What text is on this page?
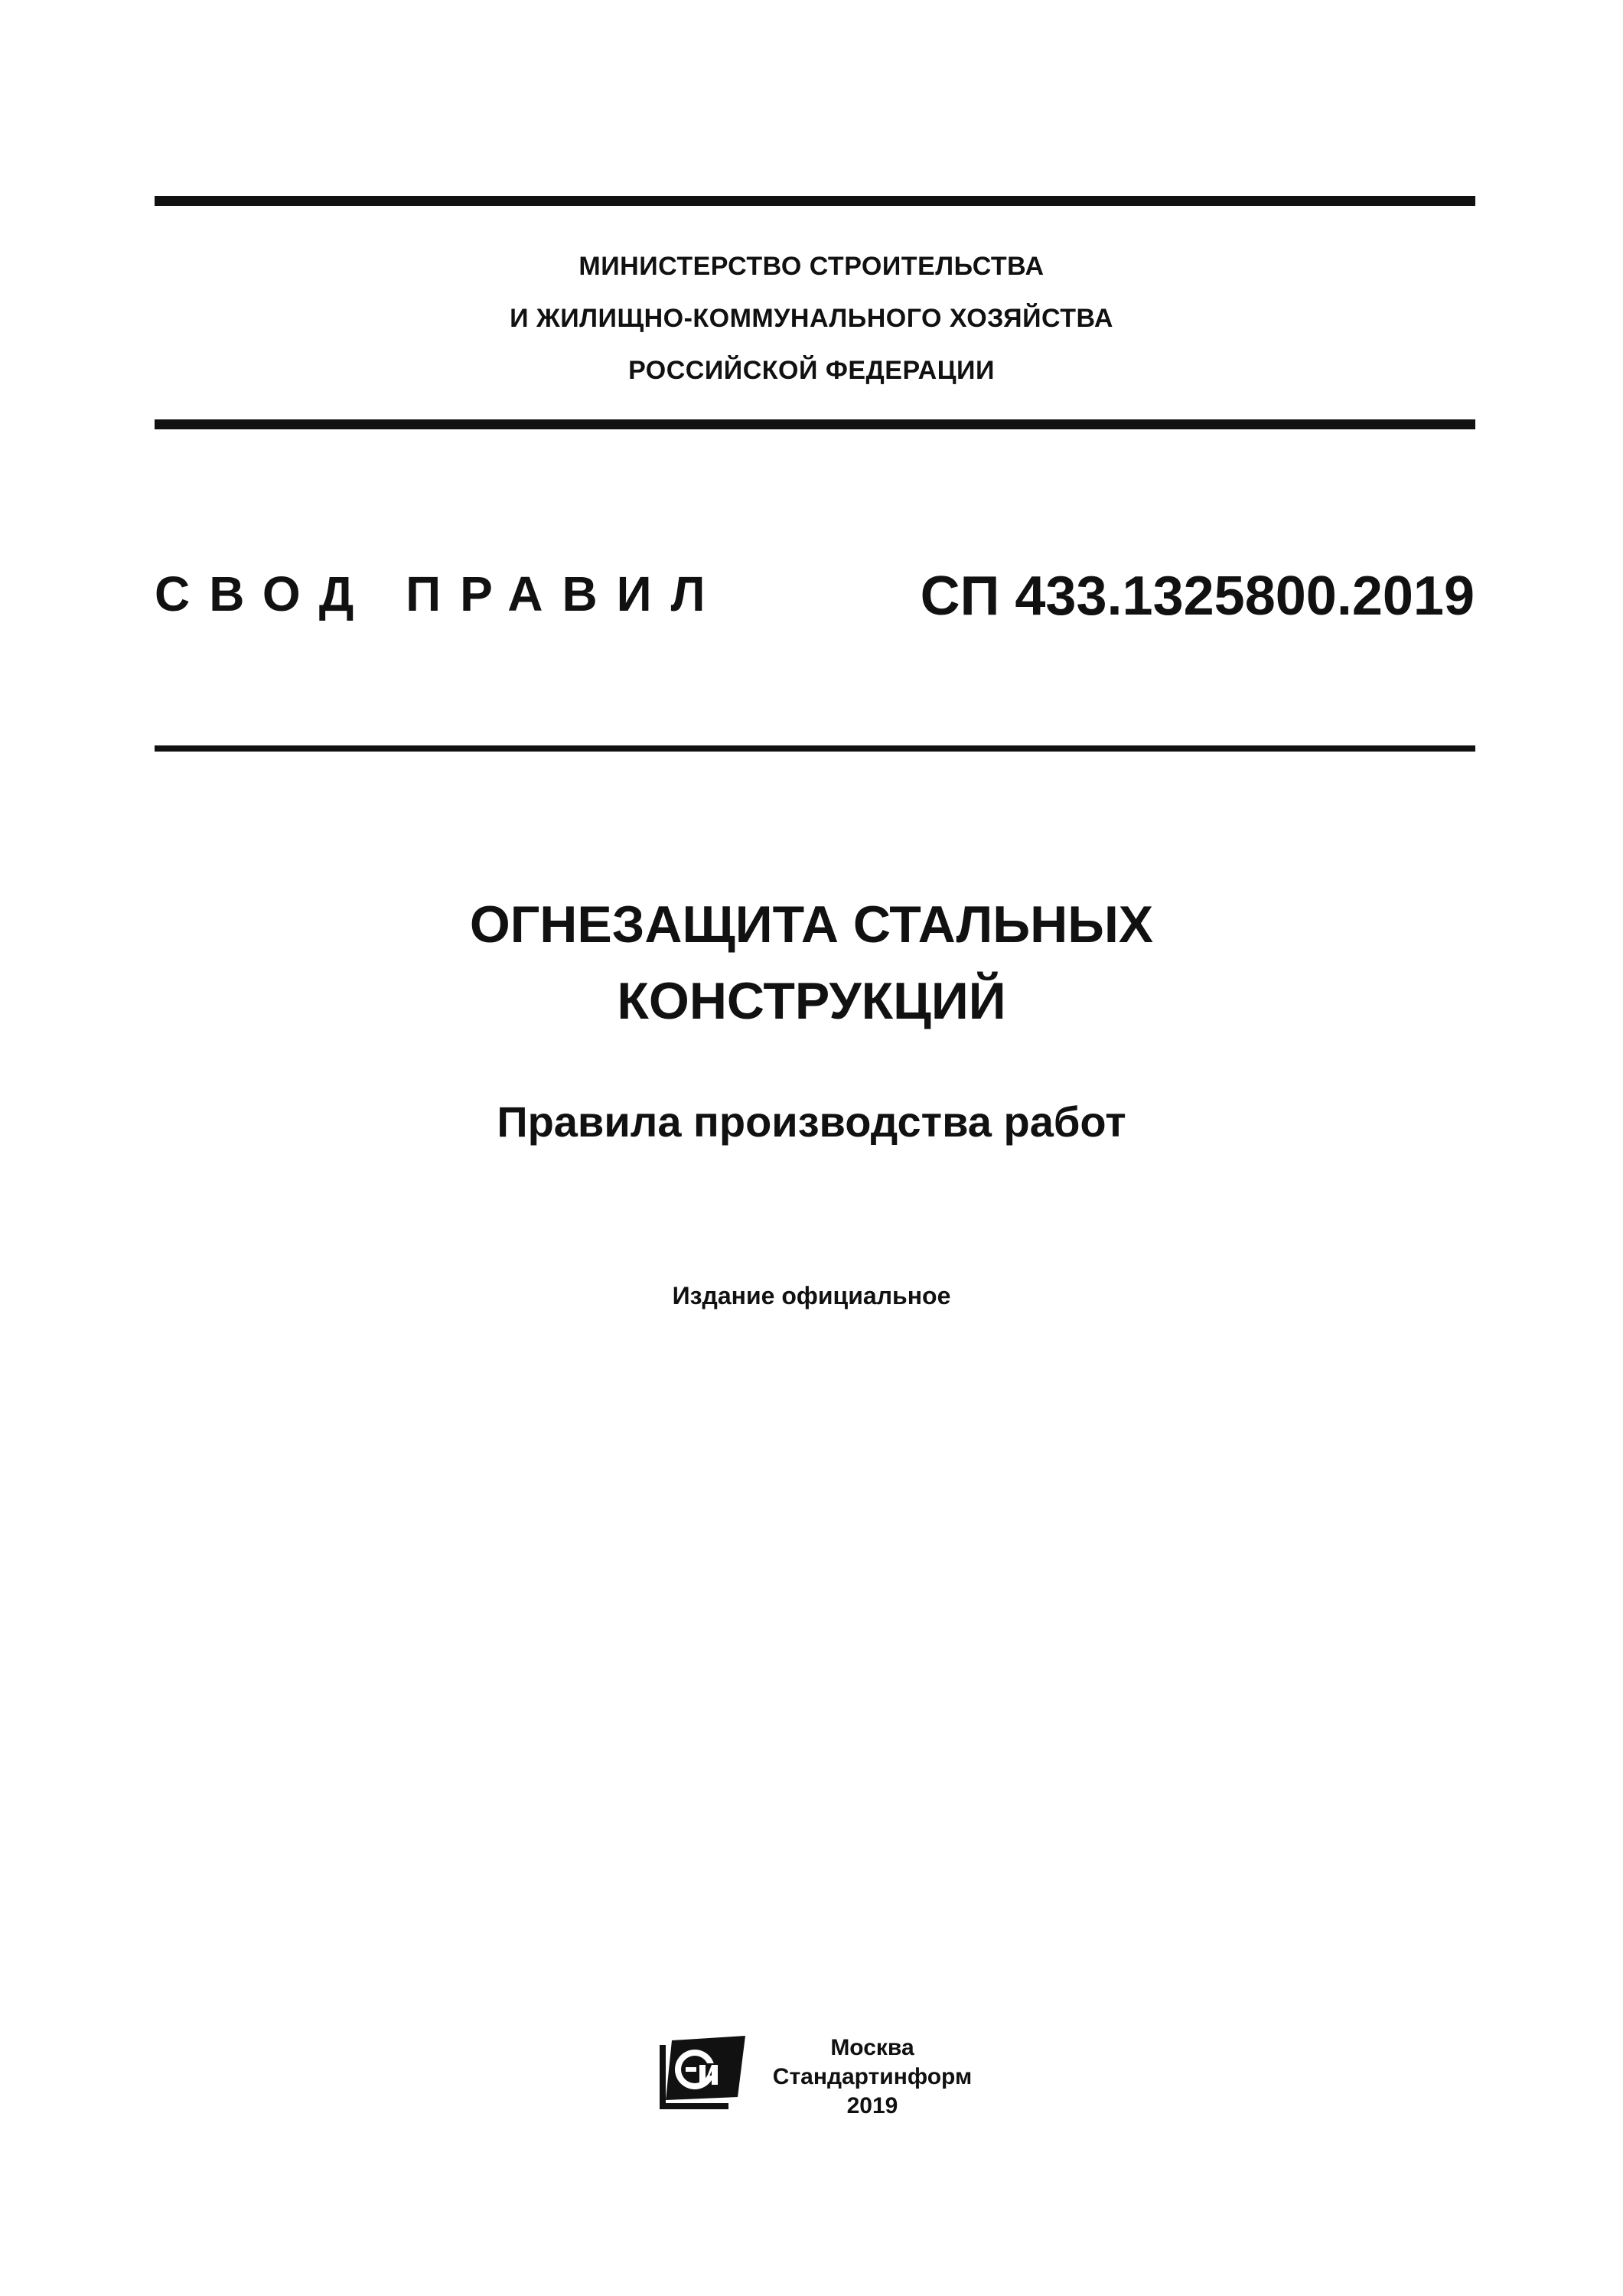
МИНИСТЕРСТВО СТРОИТЕЛЬСТВА
И ЖИЛИЩНО-КОММУНАЛЬНОГО ХОЗЯЙСТВА
РОССИЙСКОЙ ФЕДЕРАЦИИ
СВОД ПРАВИЛ	СП 433.1325800.2019
ОГНЕЗАЩИТА СТАЛЬНЫХ
КОНСТРУКЦИЙ
Правила производства работ
Издание официальное
Москва
Стандартинформ
2019
